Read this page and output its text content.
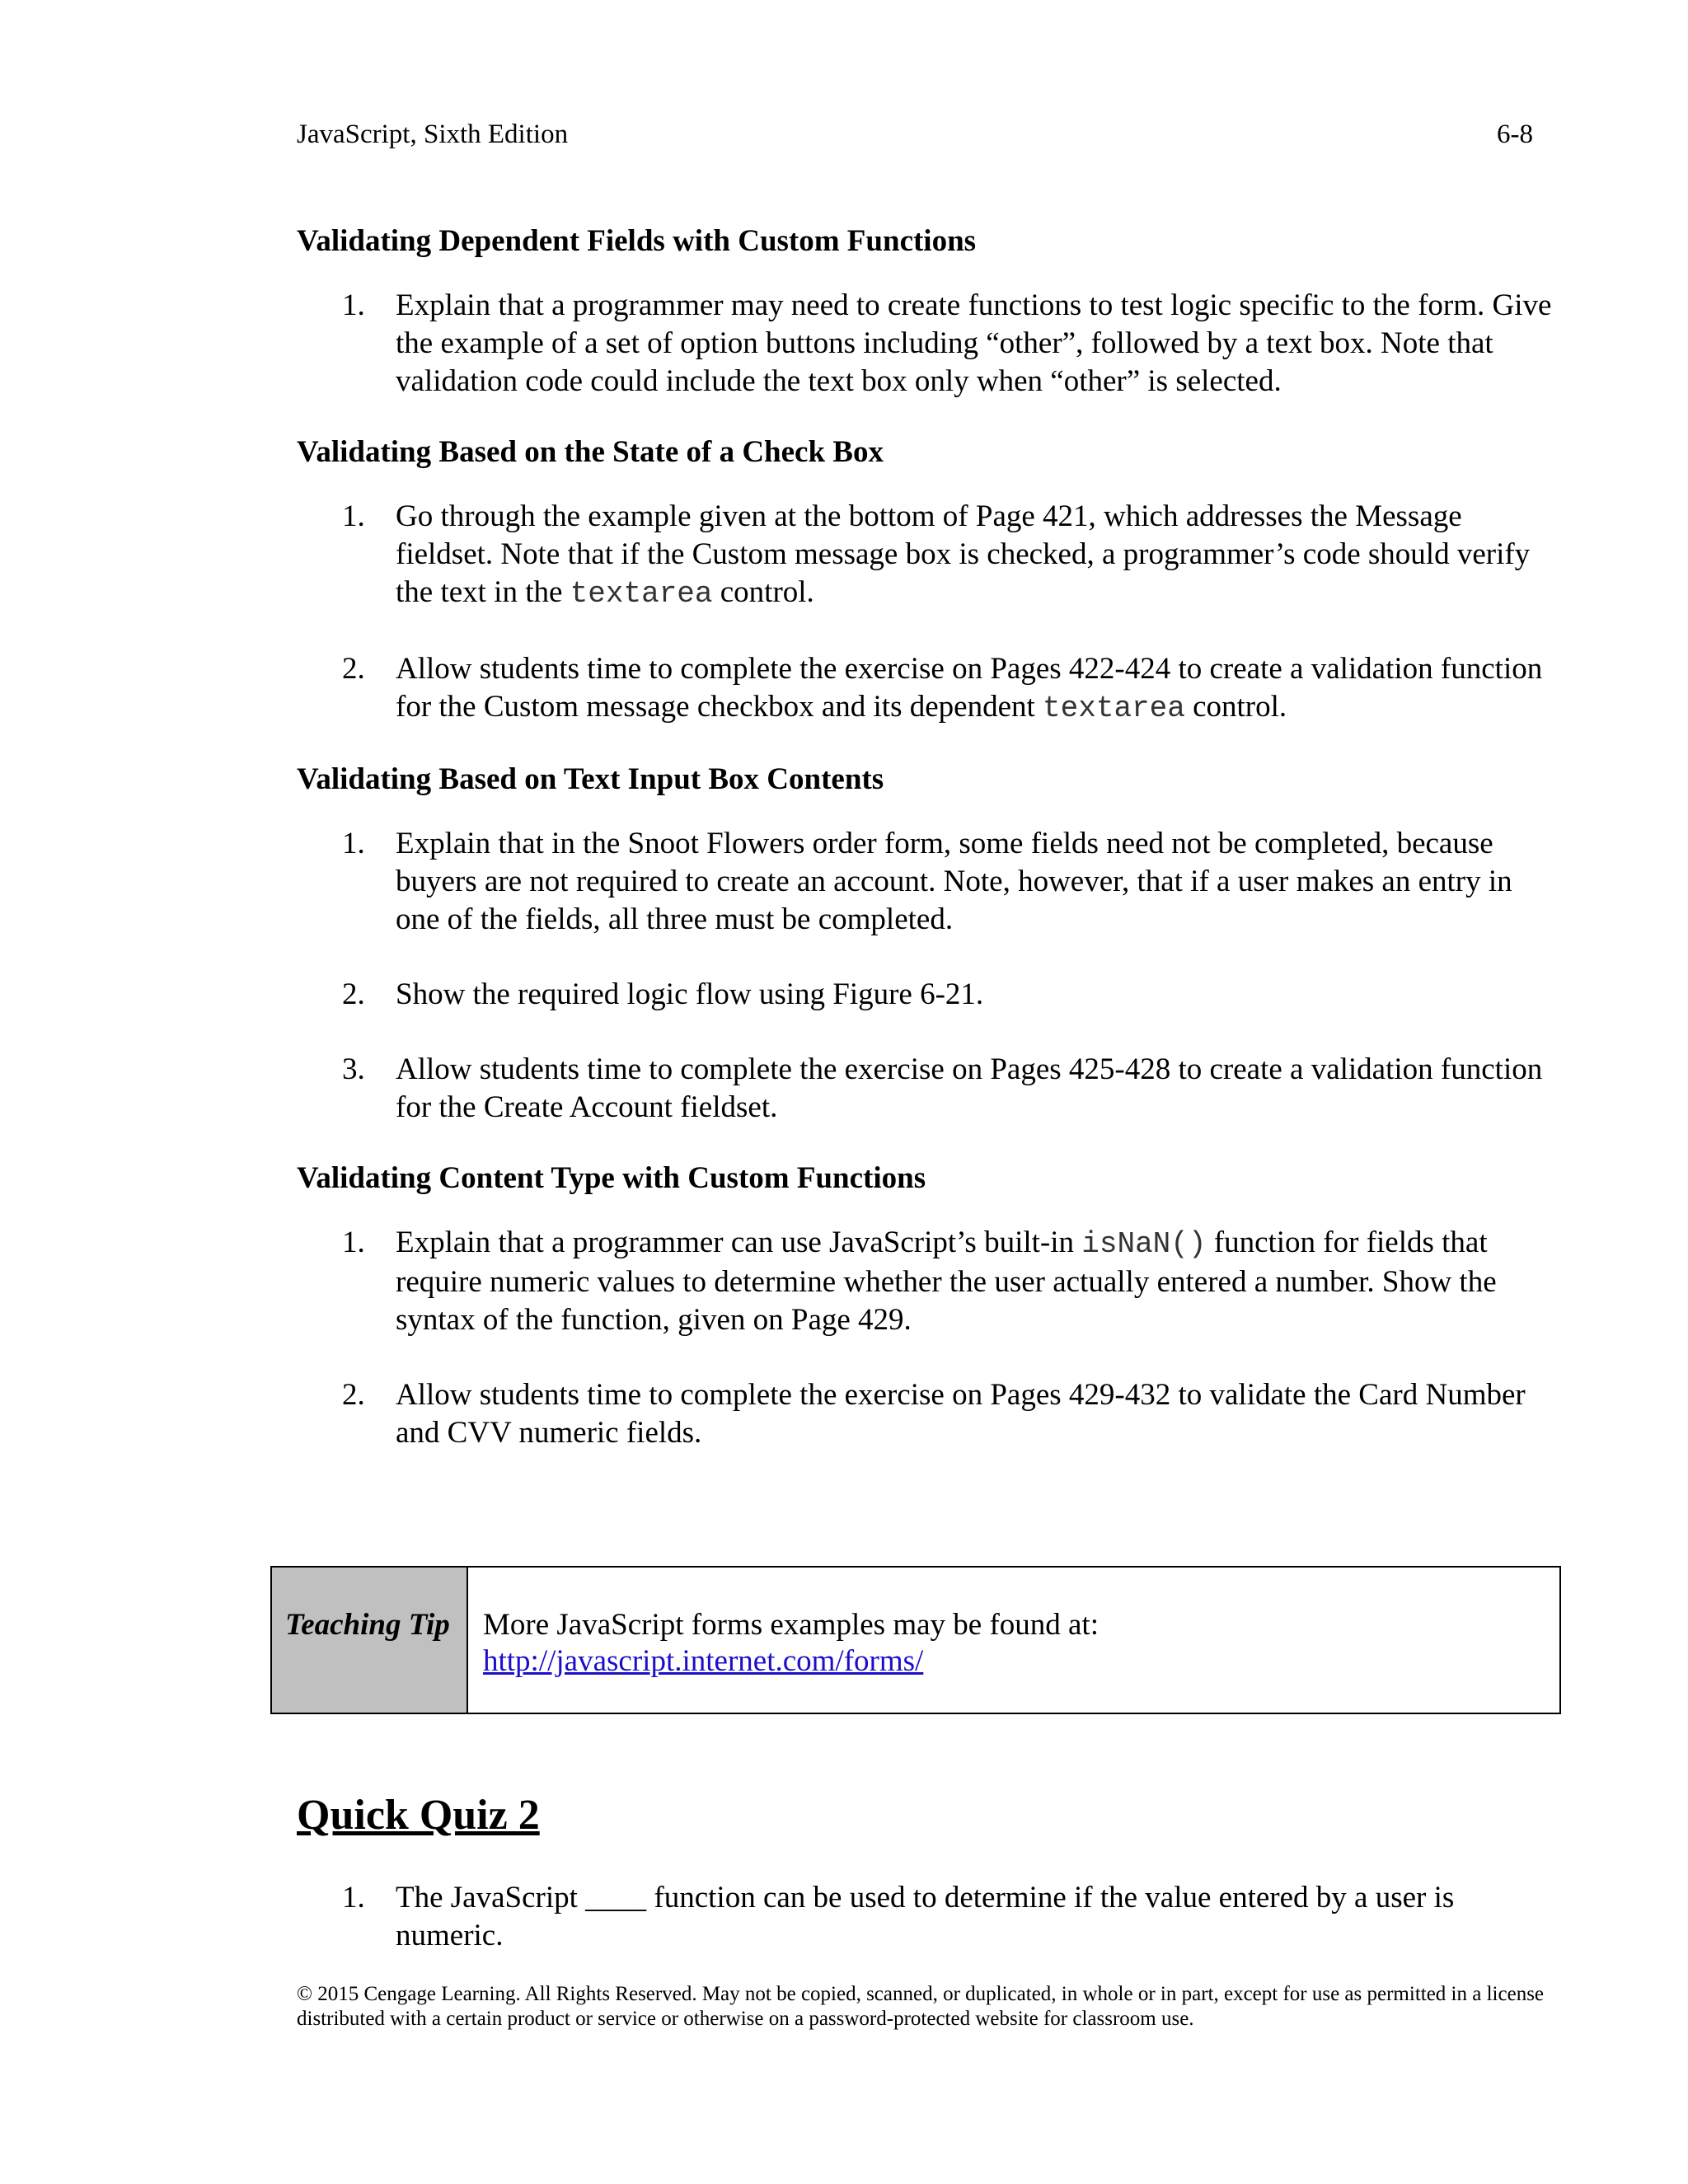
JavaScript, Sixth Edition	6-8
Validating Dependent Fields with Custom Functions
1. Explain that a programmer may need to create functions to test logic specific to the form. Give the example of a set of option buttons including “other”, followed by a text box. Note that validation code could include the text box only when “other” is selected.
Validating Based on the State of a Check Box
1. Go through the example given at the bottom of Page 421, which addresses the Message fieldset. Note that if the Custom message box is checked, a programmer’s code should verify the text in the textarea control.
2. Allow students time to complete the exercise on Pages 422-424 to create a validation function for the Custom message checkbox and its dependent textarea control.
Validating Based on Text Input Box Contents
1. Explain that in the Snoot Flowers order form, some fields need not be completed, because buyers are not required to create an account. Note, however, that if a user makes an entry in one of the fields, all three must be completed.
2. Show the required logic flow using Figure 6-21.
3. Allow students time to complete the exercise on Pages 425-428 to create a validation function for the Create Account fieldset.
Validating Content Type with Custom Functions
1. Explain that a programmer can use JavaScript’s built-in isNaN() function for fields that require numeric values to determine whether the user actually entered a number. Show the syntax of the function, given on Page 429.
2. Allow students time to complete the exercise on Pages 429-432 to validate the Card Number and CVV numeric fields.
Teaching Tip	More JavaScript forms examples may be found at:
http://javascript.internet.com/forms/
Quick Quiz 2
1. The JavaScript ____ function can be used to determine if the value entered by a user is numeric.
© 2015 Cengage Learning. All Rights Reserved. May not be copied, scanned, or duplicated, in whole or in part, except for use as permitted in a license distributed with a certain product or service or otherwise on a password-protected website for classroom use.
